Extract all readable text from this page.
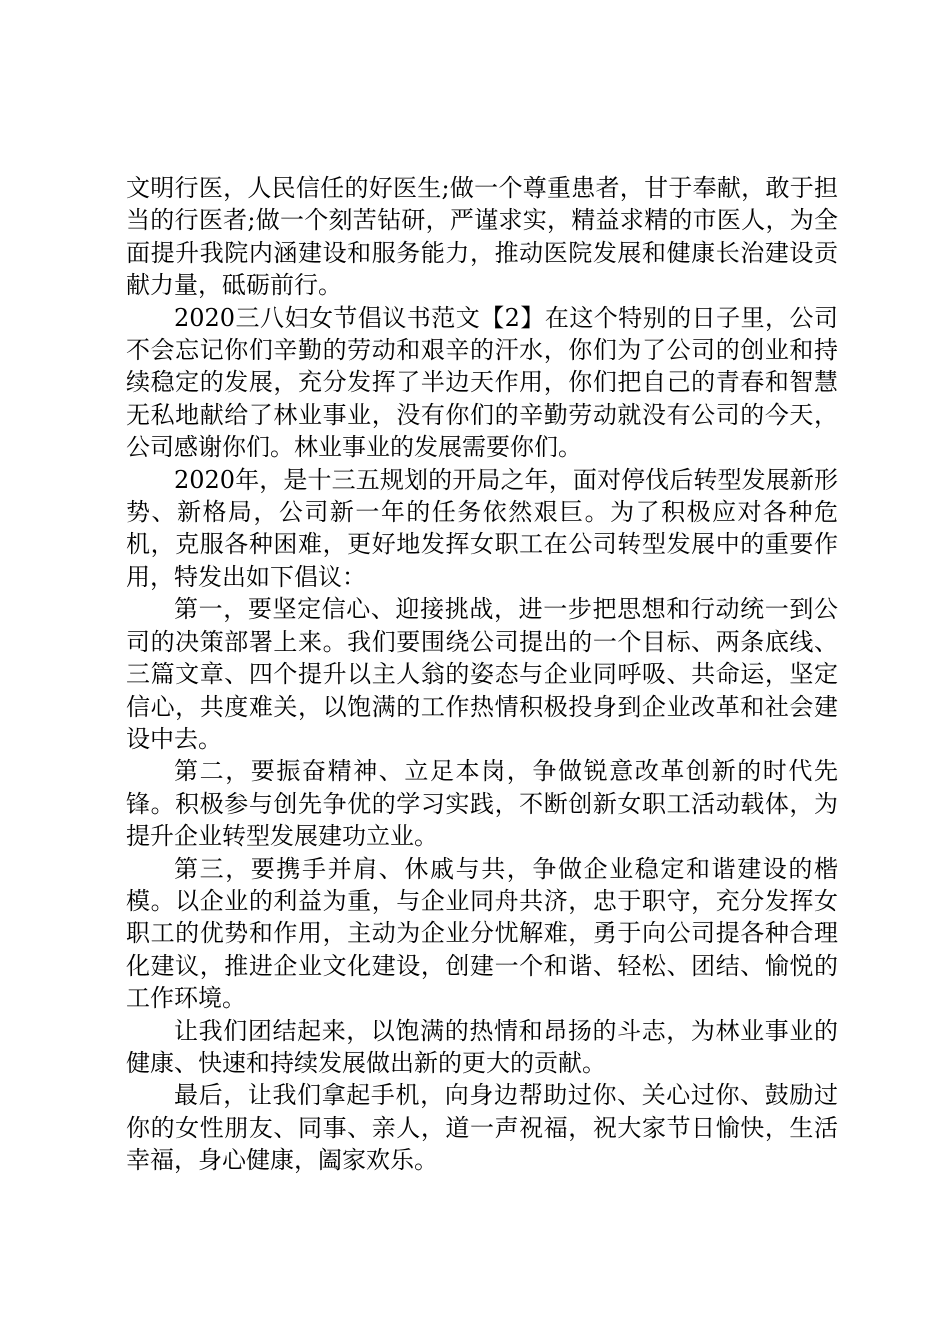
文明行医，人民信任的好医生;做一个尊重患者，甘于奉献，敢于担当的行医者;做一个刻苦钻研，严谨求实，精益求精的市医人，为全面提升我院内涵建设和服务能力，推动医院发展和健康长治建设贡献力量，砥砺前行。

2020三八妇女节倡议书范文【2】在这个特别的日子里，公司不会忘记你们辛勤的劳动和艰辛的汗水，你们为了公司的创业和持续稳定的发展，充分发挥了半边天作用，你们把自己的青春和智慧无私地献给了林业事业，没有你们的辛勤劳动就没有公司的今天，公司感谢你们。林业事业的发展需要你们。

2020年，是十三五规划的开局之年，面对停伐后转型发展新形势、新格局，公司新一年的任务依然艰巨。为了积极应对各种危机，克服各种困难，更好地发挥女职工在公司转型发展中的重要作用，特发出如下倡议：

第一，要坚定信心、迎接挑战，进一步把思想和行动统一到公司的决策部署上来。我们要围绕公司提出的一个目标、两条底线、三篇文章、四个提升以主人翁的姿态与企业同呼吸、共命运，坚定信心，共度难关，以饱满的工作热情积极投身到企业改革和社会建设中去。

第二，要振奋精神、立足本岗，争做锐意改革创新的时代先锋。积极参与创先争优的学习实践，不断创新女职工活动载体，为提升企业转型发展建功立业。

第三，要携手并肩、休戚与共，争做企业稳定和谐建设的楷模。以企业的利益为重，与企业同舟共济，忠于职守，充分发挥女职工的优势和作用，主动为企业分忧解难，勇于向公司提各种合理化建议，推进企业文化建设，创建一个和谐、轻松、团结、愉悦的工作环境。

让我们团结起来，以饱满的热情和昂扬的斗志，为林业事业的健康、快速和持续发展做出新的更大的贡献。

最后，让我们拿起手机，向身边帮助过你、关心过你、鼓励过你的女性朋友、同事、亲人，道一声祝福，祝大家节日愉快，生活幸福，身心健康，阖家欢乐。
